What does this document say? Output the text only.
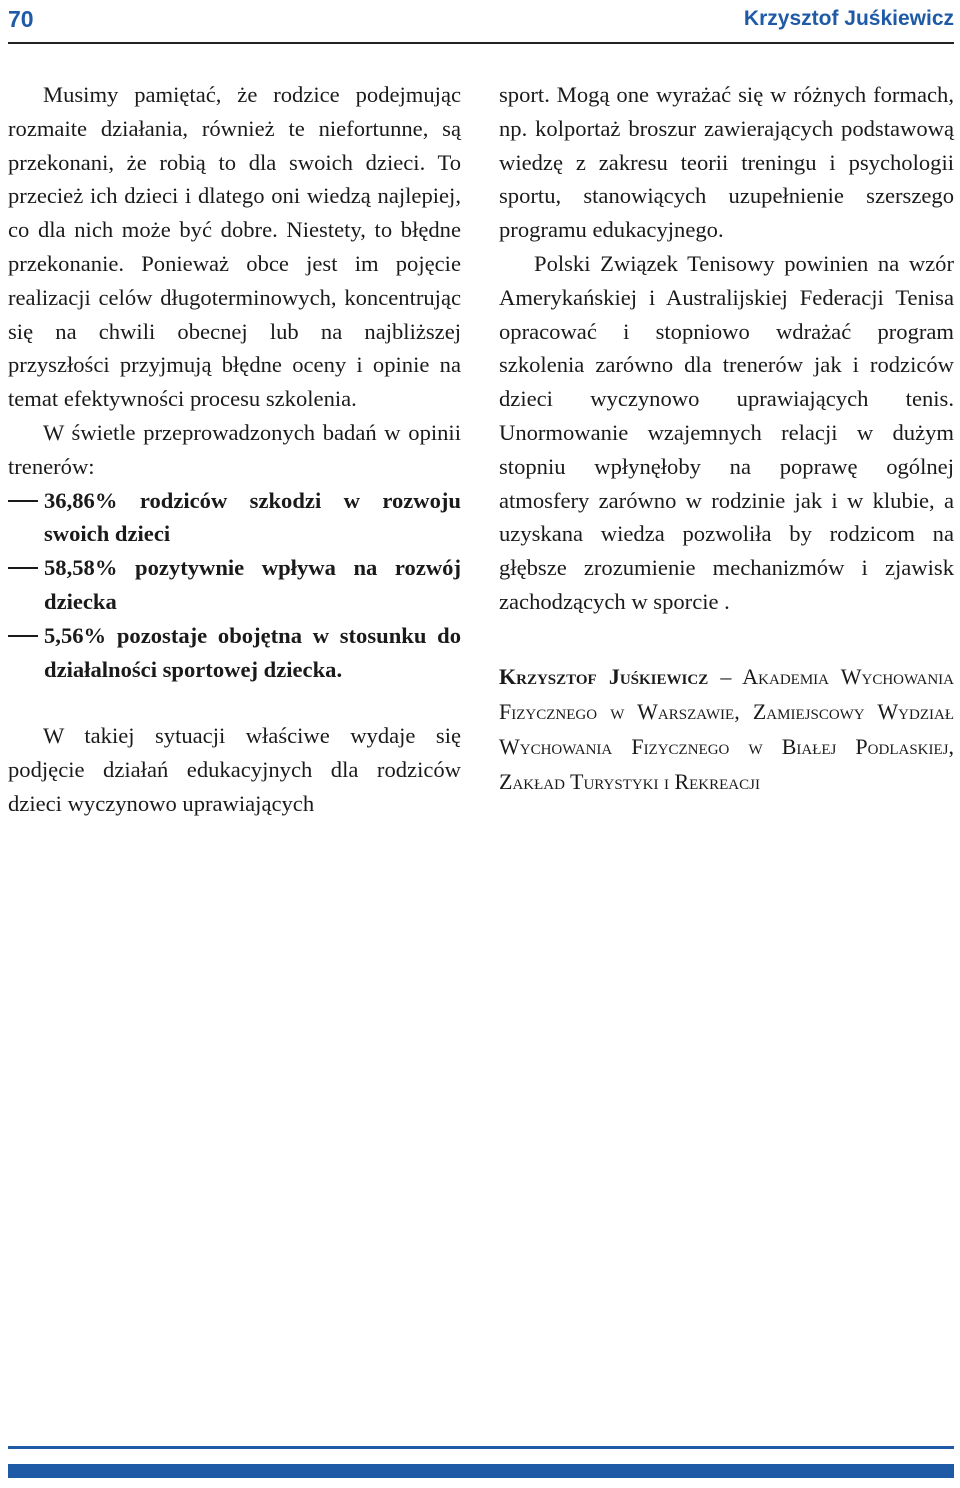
70	Krzysztof Juśkiewicz

Musimy pamiętać, że rodzice podejmując rozmaite działania, również te niefortunne, są przekonani, że robią to dla swoich dzieci. To przecież ich dzieci i dlatego oni wiedzą najlepiej, co dla nich może być dobre. Niestety, to błędne przekonanie. Ponieważ obce jest im pojęcie realizacji celów długoterminowych, koncentrując się na chwili obecnej lub na najbliższej przyszłości przyjmują błędne oceny i opinie na temat efektywności procesu szkolenia.

W świetle przeprowadzonych badań w opinii trenerów:

36,86% rodziców szkodzi w rozwoju swoich dzieci
58,58% pozytywnie wpływa na rozwój dziecka
5,56% pozostaje obojętna w stosunku do działalności sportowej dziecka.

W takiej sytuacji właściwe wydaje się podjęcie działań edukacyjnych dla rodziców dzieci wyczynowo uprawiających

sport. Mogą one wyrażać się w różnych formach, np. kolportaż broszur zawierających podstawową wiedzę z zakresu teorii treningu i psychologii sportu, stanowiących uzupełnienie szerszego programu edukacyjnego.

Polski Związek Tenisowy powinien na wzór Amerykańskiej i Australijskiej Federacji Tenisa opracować i stopniowo wdrażać program szkolenia zarówno dla trenerów jak i rodziców dzieci wyczynowo uprawiających tenis. Unormowanie wzajemnych relacji w dużym stopniu wpłynęłoby na poprawę ogólnej atmosfery zarówno w rodzinie jak i w klubie, a uzyskana wiedza pozwoliła by rodzicom na głębsze zrozumienie mechanizmów i zjawisk zachodzących w sporcie .

Krzysztof Juśkiewicz – Akademia Wychowania Fizycznego w Warszawie, Zamiejscowy Wydział Wychowania Fizycznego w Białej Podlaskiej, Zakład Turystyki i Rekreacji
